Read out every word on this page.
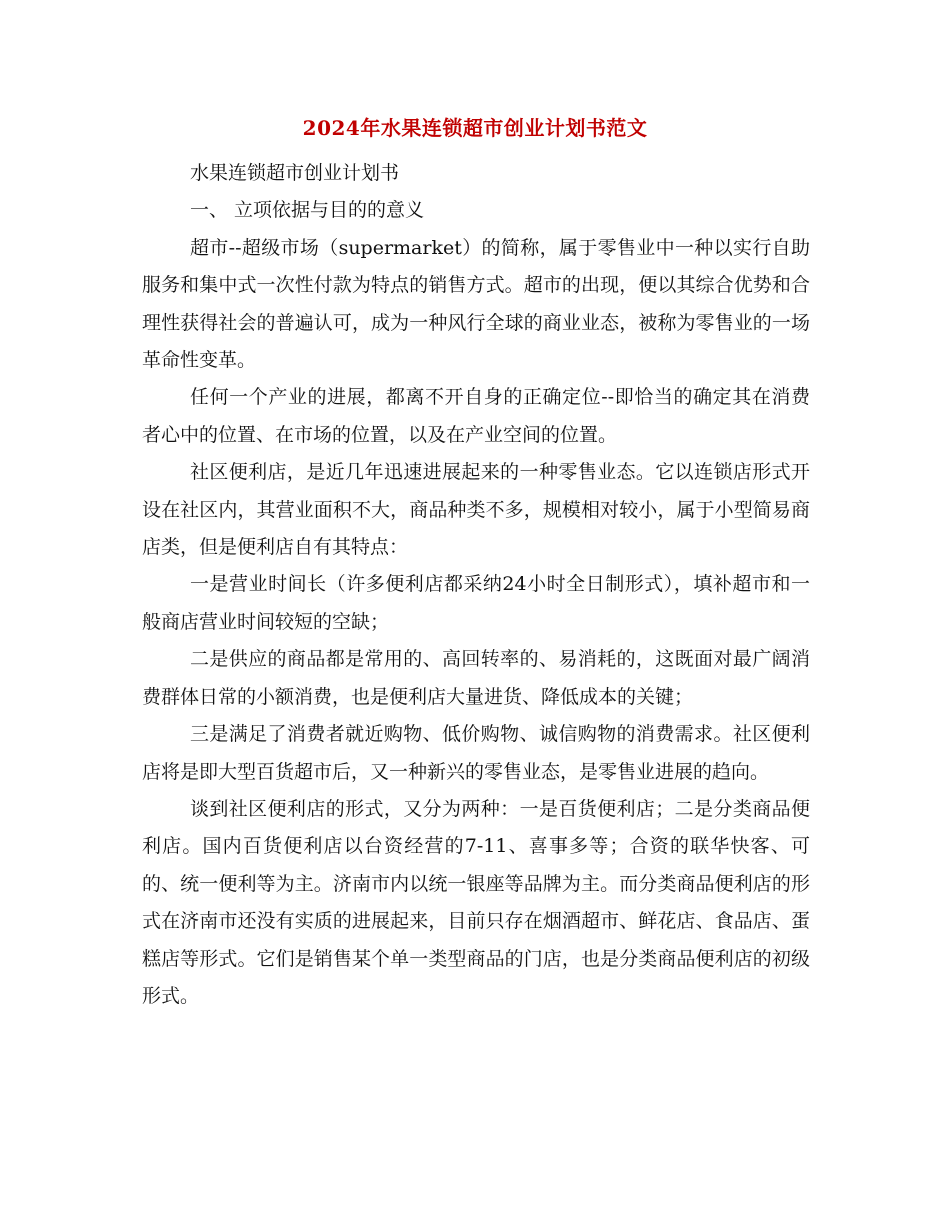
2024年水果连锁超市创业计划书范文

水果连锁超市创业计划书

一、 立项依据与目的的意义

超市--超级市场（supermarket）的简称，属于零售业中一种以实行自助服务和集中式一次性付款为特点的销售方式。超市的出现，便以其综合优势和合理性获得社会的普遍认可，成为一种风行全球的商业业态，被称为零售业的一场革命性变革。

任何一个产业的进展，都离不开自身的正确定位--即恰当的确定其在消费者心中的位置、在市场的位置，以及在产业空间的位置。

社区便利店，是近几年迅速进展起来的一种零售业态。它以连锁店形式开设在社区内，其营业面积不大，商品种类不多，规模相对较小，属于小型简易商店类，但是便利店自有其特点：

一是营业时间长（许多便利店都采纳24小时全日制形式），填补超市和一般商店营业时间较短的空缺；

二是供应的商品都是常用的、高回转率的、易消耗的，这既面对最广阔消费群体日常的小额消费，也是便利店大量进货、降低成本的关键；

三是满足了消费者就近购物、低价购物、诚信购物的消费需求。社区便利店将是即大型百货超市后，又一种新兴的零售业态，是零售业进展的趋向。

谈到社区便利店的形式，又分为两种：一是百货便利店；二是分类商品便利店。国内百货便利店以台资经营的7-11、喜事多等；合资的联华快客、可的、统一便利等为主。济南市内以统一银座等品牌为主。而分类商品便利店的形式在济南市还没有实质的进展起来，目前只存在烟酒超市、鲜花店、食品店、蛋糕店等形式。它们是销售某个单一类型商品的门店，也是分类商品便利店的初级形式。
